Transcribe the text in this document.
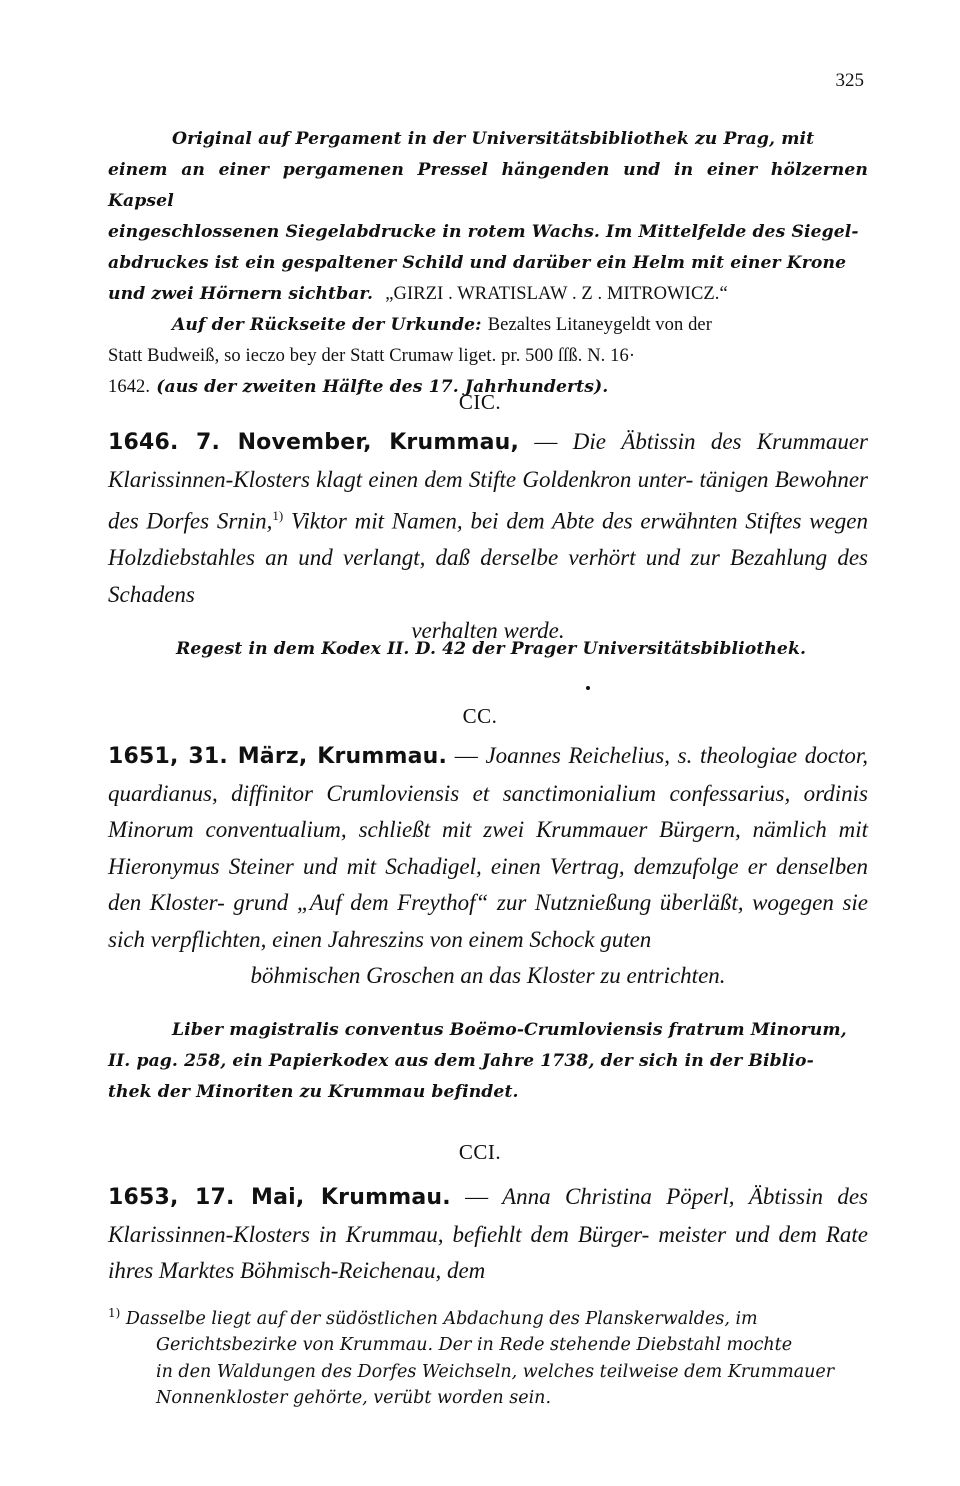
325

Original auf Pergament in der Universitätsbibliothek zu Prag, mit

einem an einer pergamenen Pressel hängenden und in einer hölzernen Kapsel

eingeschlossenen Siegelabdrucke in rotem Wachs. Im Mittelfelde des Siegel-

abdruckes ist ein gespaltener Schild und darüber ein Helm mit einer Krone

und zwei Hörnern sichtbar. „GIRZI . WRATISLAW . Z . MITROWICZ.“

Auf der Rückseite der Urkunde: Bezaltes Litaneygeldt von der

Statt Budweiß, so ieczo bey der Statt Crumaw liget. pr. 500 ſſß. N. 16·

1642. (aus der zweiten Hälfte des 17. Jahrhunderts).

CIC.
1646. 7. November, Krummau, — Die Äbtissin des Krummauer Klarissinnen-Klosters klagt einen dem Stifte Goldenkron unter- tänigen Bewohner des Dorfes Srnin,$^{1)}$ Viktor mit Namen, bei dem Abte des erwähnten Stiftes wegen Holzdiebstahles an und verlangt, daß derselbe verhört und zur Bezahlung des Schadens
verhalten werde.

Regest in dem Kodex II. D. 42 der Prager Universitätsbibliothek.

CC.
1651, 31. März, Krummau. — Joannes Reichelius, s. theologiae doctor, quardianus, diffinitor Crumloviensis et sanctimonialium confessarius, ordinis Minorum conventualium, schließt mit zwei Krummauer Bürgern, nämlich mit Hieronymus Steiner und mit Schadigel, einen Vertrag, demzufolge er denselben den Kloster- grund „Auf dem Freythof“ zur Nutznießung überläßt, wogegen sie sich verpflichten, einen Jahreszins von einem Schock guten
böhmischen Groschen an das Kloster zu entrichten.

Liber magistralis conventus Boëmo-Crumloviensis fratrum Minorum,

II. pag. 258, ein Papierkodex aus dem Jahre 1738, der sich in der Biblio-

thek der Minoriten zu Krummau befindet.

CCI.
1653, 17. Mai, Krummau. — Anna Christina Pöperl, Äbtissin des Klarissinnen-Klosters in Krummau, befiehlt dem Bürger- meister und dem Rate ihres Marktes Böhmisch-Reichenau, dem
$^{1)}$ Dasselbe liegt auf der südöstlichen Abdachung des Planskerwaldes, im
Gerichtsbezirke von Krummau. Der in Rede stehende Diebstahl mochte
in den Waldungen des Dorfes Weichseln, welches teilweise dem Krummauer
Nonnenkloster gehörte, verübt worden sein.
